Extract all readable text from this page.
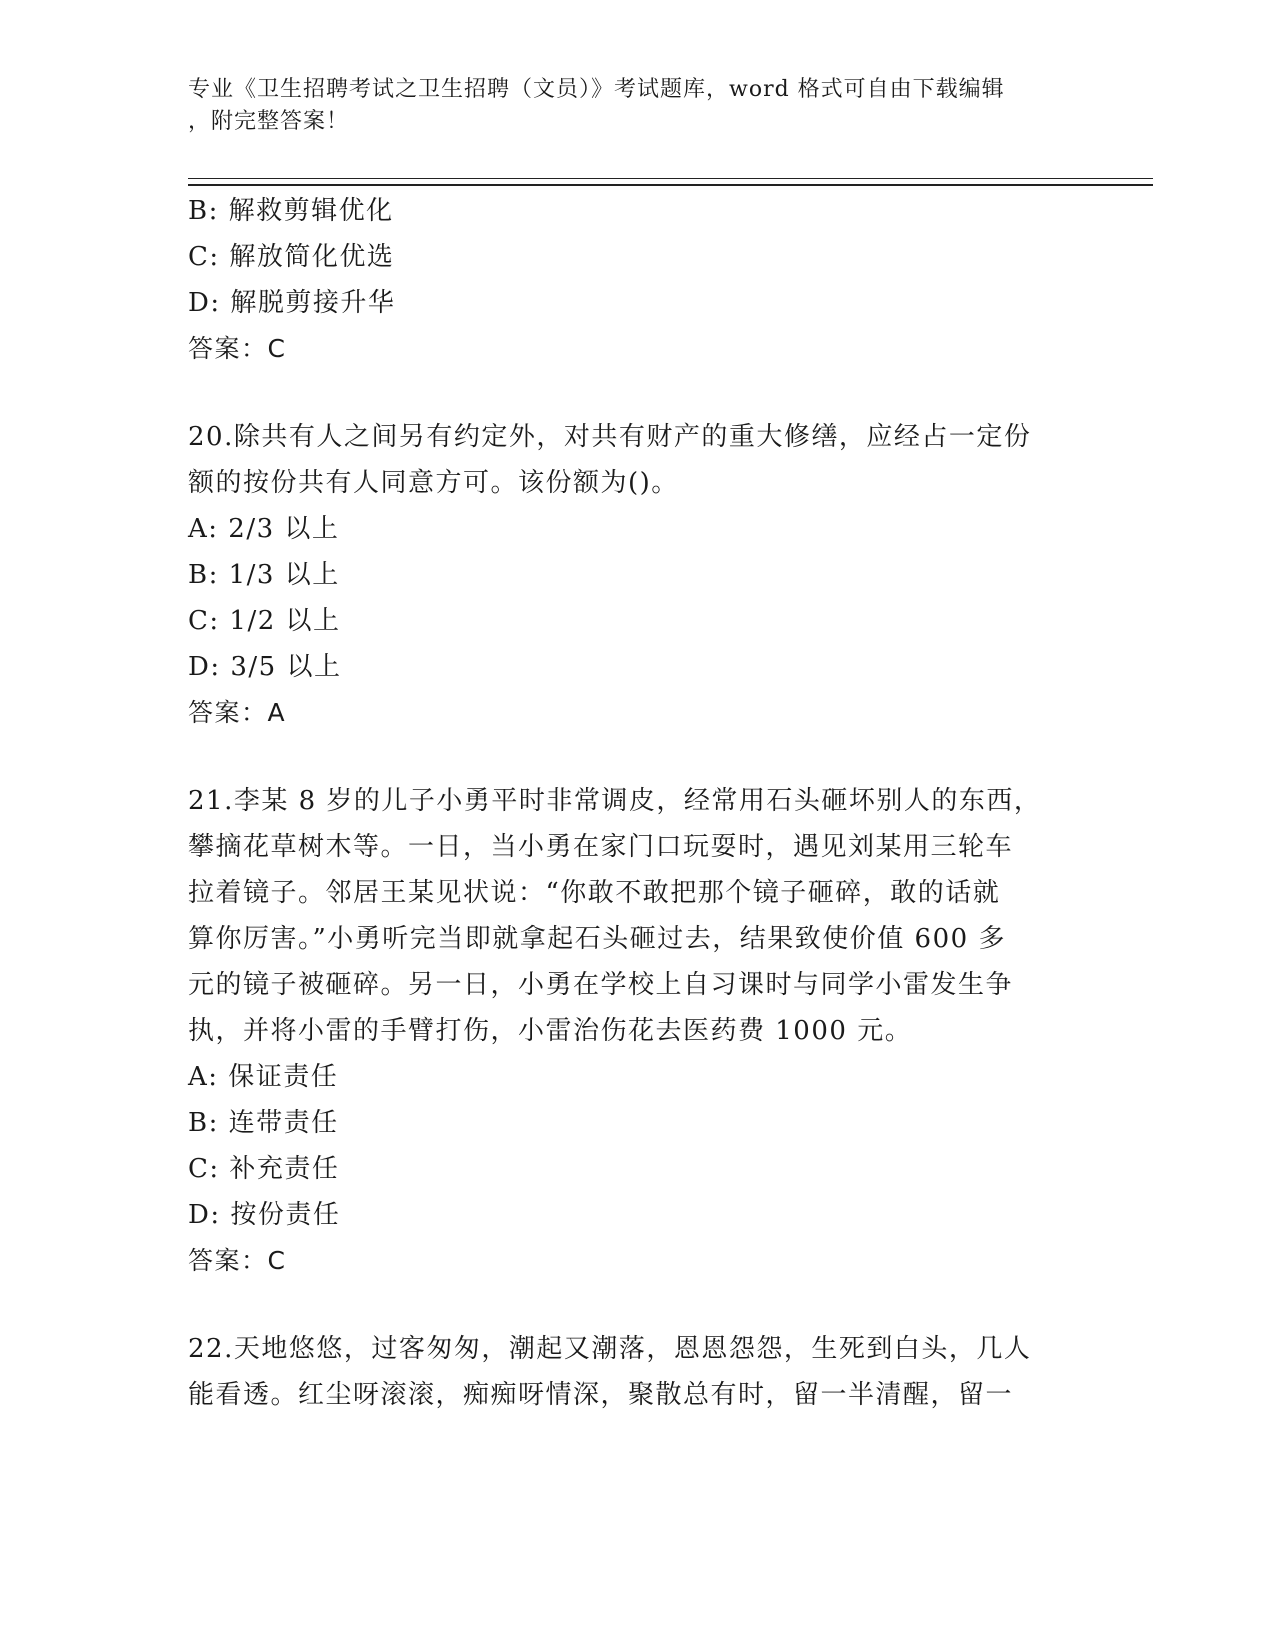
专业《卫生招聘考试之卫生招聘（文员）》考试题库，word 格式可自由下载编辑
，附完整答案！
B: 解救剪辑优化
C: 解放简化优选
D: 解脱剪接升华
答案：C
20.除共有人之间另有约定外，对共有财产的重大修缮，应经占一定份
额的按份共有人同意方可。该份额为()。
A: 2/3 以上
B: 1/3 以上
C: 1/2 以上
D: 3/5 以上
答案：A
21.李某 8 岁的儿子小勇平时非常调皮，经常用石头砸坏别人的东西，
攀摘花草树木等。一日，当小勇在家门口玩耍时，遇见刘某用三轮车
拉着镜子。邻居王某见状说：“你敢不敢把那个镜子砸碎，敢的话就
算你厉害。”小勇听完当即就拿起石头砸过去，结果致使价值 600 多
元的镜子被砸碎。另一日，小勇在学校上自习课时与同学小雷发生争
执，并将小雷的手臂打伤，小雷治伤花去医药费 1000 元。
A: 保证责任
B: 连带责任
C: 补充责任
D: 按份责任
答案：C
22.天地悠悠，过客匆匆，潮起又潮落，恩恩怨怨，生死到白头，几人
能看透。红尘呀滚滚，痴痴呀情深，聚散总有时，留一半清醒，留一
